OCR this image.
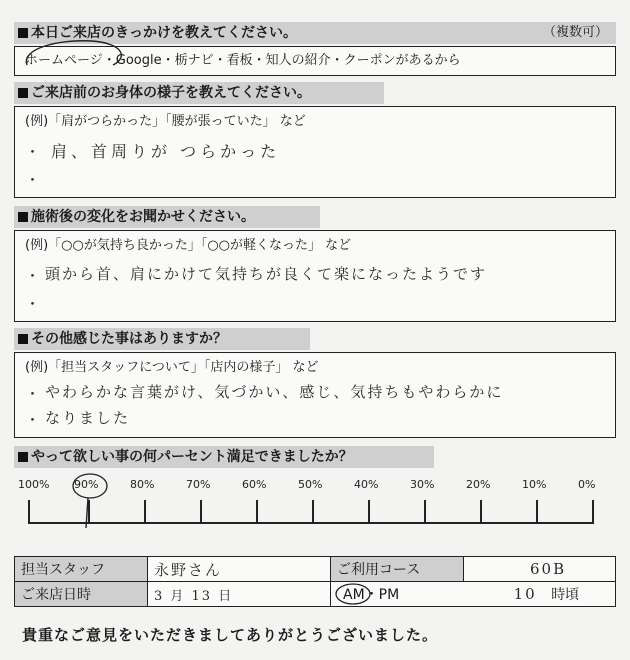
本日ご来店のきっかけを教えてください。	（複数可）
ホームページ・Google・栃ナビ・看板・知人の紹介・クーポンがあるから
ご来店前のお身体の様子を教えてください。
(例)「肩がつらかった」「腰が張っていた」 など
・ 肩、首周りが つらかった
・
施術後の変化をお聞かせください。
(例)「○○が気持ち良かった」「○○が軽くなった」 など
・ 頭から首、肩にかけて気持ちが良くて楽になったようです
・
その他感じた事はありますか？
(例)「担当スタッフについて」「店内の様子」 など
・ やわらかな言葉がけ、気づかい、感じ、気持ちもやわらかに
・ なりました
やって欲しい事の何パーセント満足できましたか？
100% 90%	80%	70%	60%	50%	40%	30%	20%	10%	0%
担当スタッフ	永野さん	ご利用コース	60B
ご来店日時	3 月 13 日	AM・PM 10 時頃	
貴重なご意見をいただきましてありがとうございました。
